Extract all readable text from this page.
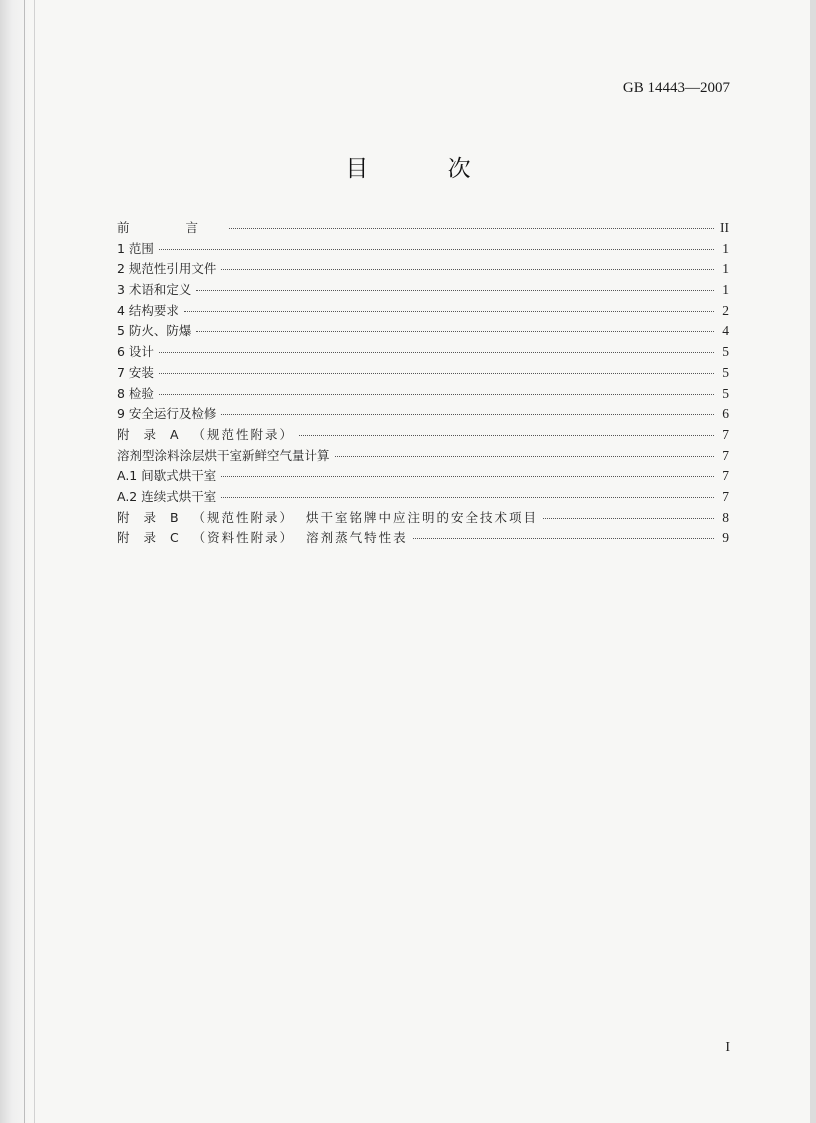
GB 14443—2007
目 次
前 言	II
1 范围	1
2 规范性引用文件	1
3 术语和定义	1
4 结构要求	2
5 防火、防爆	4
6 设计	5
7 安装	5
8 检验	5
9 安全运行及检修	6
附 录 A （规范性附录）	7
溶剂型涂料涂层烘干室新鲜空气量计算	7
A.1 间歇式烘干室	7
A.2 连续式烘干室	7
附 录 B （规范性附录） 烘干室铭牌中应注明的安全技术项目	8
附 录 C （资料性附录） 溶剂蒸气特性表	9
I
